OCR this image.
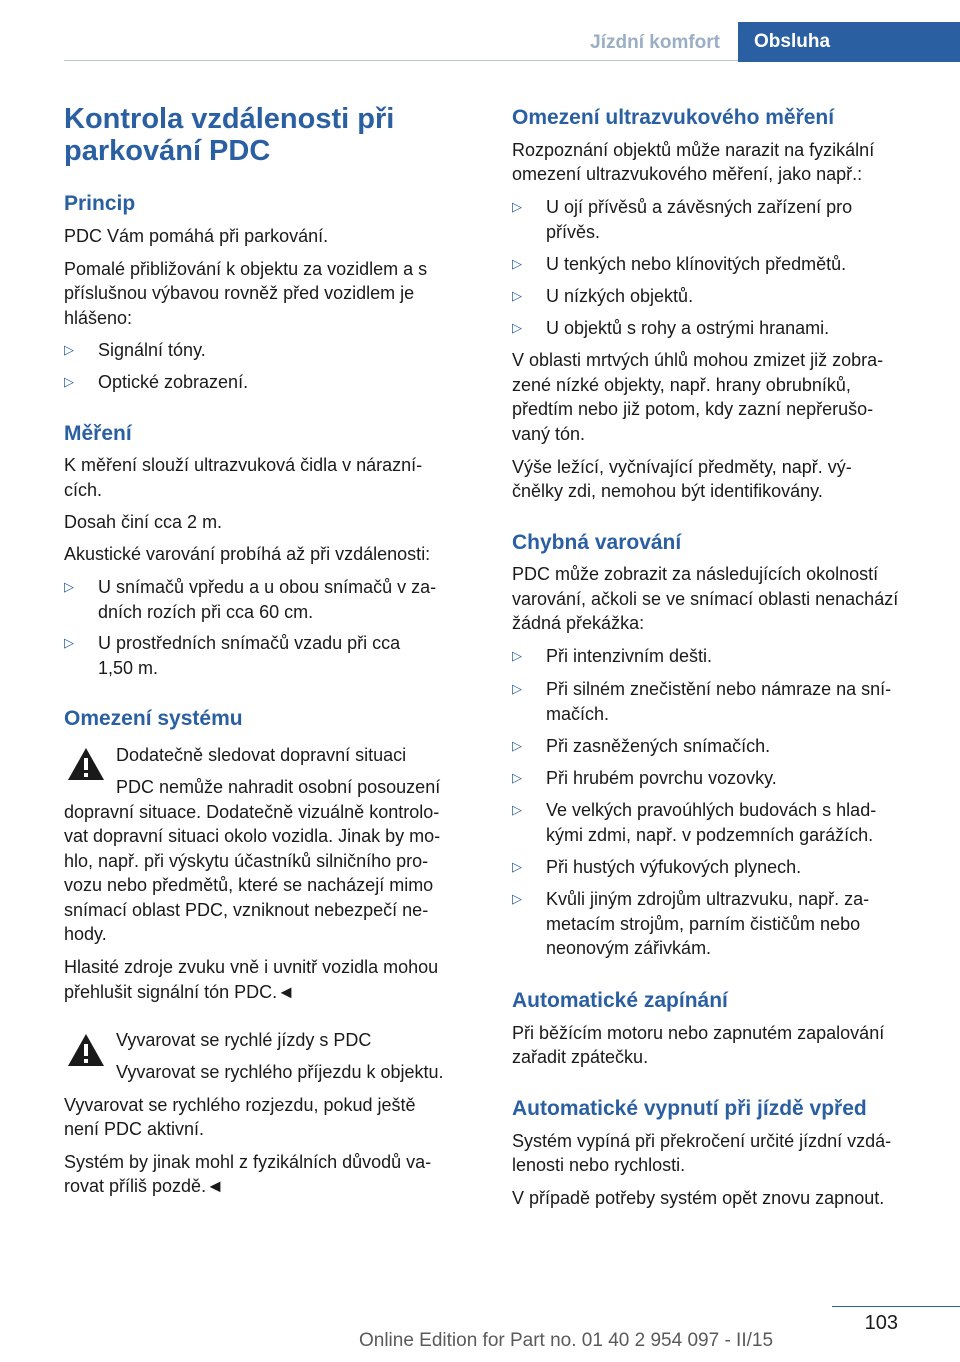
Jízdní komfort	Obsluha
Kontrola vzdálenosti při parkování PDC
Princip
PDC Vám pomáhá při parkování.
Pomalé přibližování k objektu za vozidlem a s
příslušnou výbavou rovněž před vozidlem je
hlášeno:
▷ Signální tóny.
▷ Optické zobrazení.
Měření
K měření slouží ultrazvuková čidla v nárazní-
cích.
Dosah činí cca 2 m.
Akustické varování probíhá až při vzdálenosti:
▷ U snímačů vpředu a u obou snímačů v za-
dních rozích při cca 60 cm.
▷ U prostředních snímačů vzadu při cca
1,50 m.
Omezení systému
Dodatečně sledovat dopravní situaci
PDC nemůže nahradit osobní posouzení
dopravní situace. Dodatečně vizuálně kontrolo-
vat dopravní situaci okolo vozidla. Jinak by mo-
hlo, např. při výskytu účastníků silničního pro-
vozu nebo předmětů, které se nacházejí mimo
snímací oblast PDC, vzniknout nebezpečí ne-
hody.
Hlasité zdroje zvuku vně i uvnitř vozidla mohou
přehlušit signální tón PDC.◄
Vyvarovat se rychlé jízdy s PDC
Vyvarovat se rychlého příjezdu k objektu.
Vyvarovat se rychlého rozjezdu, pokud ještě
není PDC aktivní.
Systém by jinak mohl z fyzikálních důvodů va-
rovat příliš pozdě.◄
Omezení ultrazvukového měření
Rozpoznání objektů může narazit na fyzikální
omezení ultrazvukového měření, jako např.:
▷ U ojí přívěsů a závěsných zařízení pro
přívěs.
▷ U tenkých nebo klínovitých předmětů.
▷ U nízkých objektů.
▷ U objektů s rohy a ostrými hranami.
V oblasti mrtvých úhlů mohou zmizet již zobra-
zené nízké objekty, např. hrany obrubníků,
předtím nebo již potom, kdy zazní nepřerušo-
vaný tón.
Výše ležící, vyčnívající předměty, např. vý-
čnělky zdi, nemohou být identifikovány.
Chybná varování
PDC může zobrazit za následujících okolností
varování, ačkoli se ve snímací oblasti nenachází
žádná překážka:
▷ Při intenzivním dešti.
▷ Při silném znečistění nebo námraze na sní-
mačích.
▷ Při zasněžených snímačích.
▷ Při hrubém povrchu vozovky.
▷ Ve velkých pravoúhlých budovách s hlad-
kými zdmi, např. v podzemních garážích.
▷ Při hustých výfukových plynech.
▷ Kvůli jiným zdrojům ultrazvuku, např. za-
metacím strojům, parním čističům nebo
neonovým zářivkám.
Automatické zapínání
Při běžícím motoru nebo zapnutém zapalování
zařadit zpátečku.
Automatické vypnutí při jízdě vpřed
Systém vypíná při překročení určité jízdní vzdá-
lenosti nebo rychlosti.
V případě potřeby systém opět znovu zapnout.
103
Online Edition for Part no. 01 40 2 954 097 - II/15
